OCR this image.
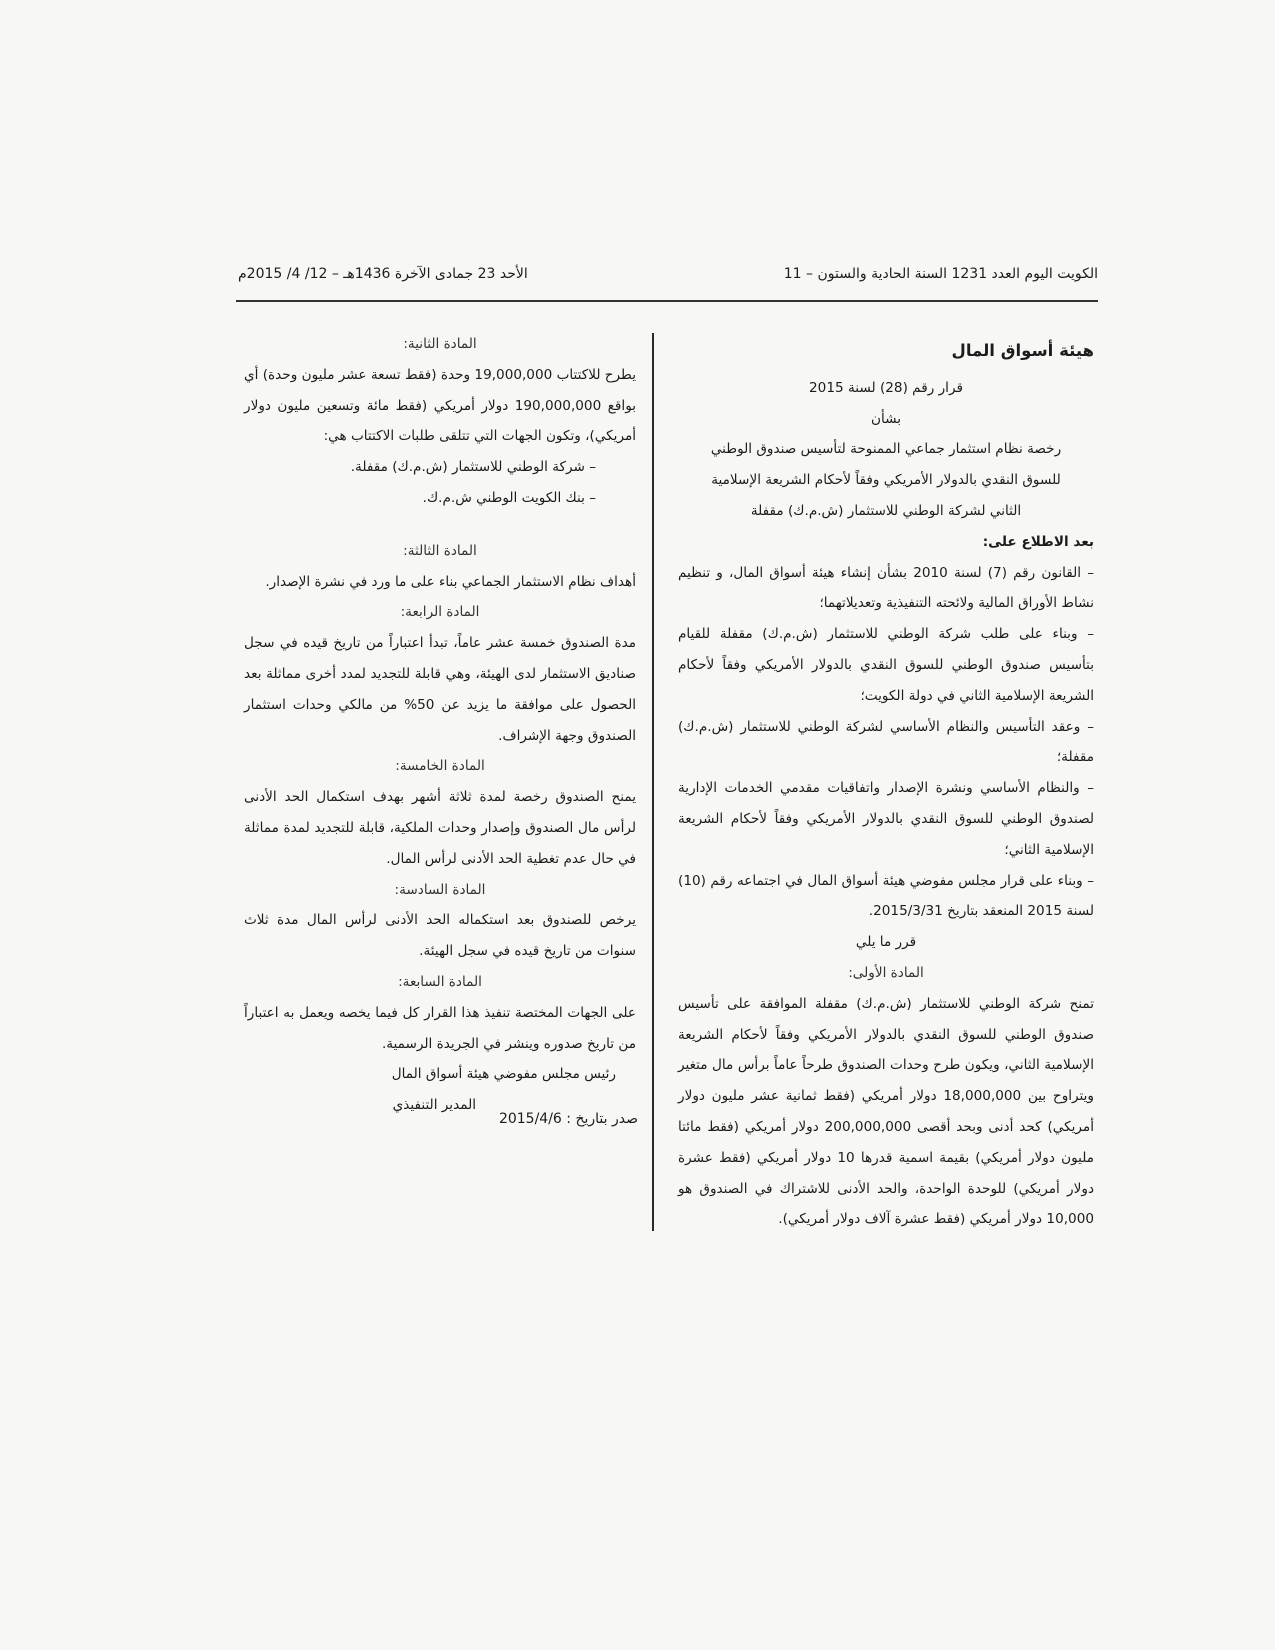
الكويت اليوم العدد 1231 السنة الحادية والستون – 11
الأحد 23 جمادى الآخرة 1436هـ – 12/ 4/ 2015م

هيئة أسواق المال

قرار رقم (28) لسنة 2015

بشأن

رخصة نظام استثمار جماعي الممنوحة لتأسيس صندوق الوطني

للسوق النقدي بالدولار الأمريكي وفقاً لأحكام الشريعة الإسلامية

الثاني لشركة الوطني للاستثمار (ش.م.ك) مقفلة

بعد الاطلاع على:

– القانون رقم (7) لسنة 2010 بشأن إنشاء هيئة أسواق المال، و تنظيم نشاط الأوراق المالية ولائحته التنفيذية وتعديلاتهما؛

– وبناء على طلب شركة الوطني للاستثمار (ش.م.ك) مقفلة للقيام بتأسيس صندوق الوطني للسوق النقدي بالدولار الأمريكي وفقاً لأحكام الشريعة الإسلامية الثاني في دولة الكويت؛

– وعقد التأسيس والنظام الأساسي لشركة الوطني للاستثمار (ش.م.ك) مقفلة؛

– والنظام الأساسي ونشرة الإصدار واتفاقيات مقدمي الخدمات الإدارية لصندوق الوطني للسوق النقدي بالدولار الأمريكي وفقاً لأحكام الشريعة الإسلامية الثاني؛

– وبناء على قرار مجلس مفوضي هيئة أسواق المال في اجتماعه رقم (10) لسنة 2015 المنعقد بتاريخ 2015/3/31.

قرر ما يلي

المادة الأولى:

تمنح شركة الوطني للاستثمار (ش.م.ك) مقفلة الموافقة على تأسيس صندوق الوطني للسوق النقدي بالدولار الأمريكي وفقاً لأحكام الشريعة الإسلامية الثاني، ويكون طرح وحدات الصندوق طرحاً عاماً برأس مال متغير ويتراوح بين 18,000,000 دولار أمريكي (فقط ثمانية عشر مليون دولار أمريكي) كحد أدنى وبحد أقصى 200,000,000 دولار أمريكي (فقط مائتا مليون دولار أمريكي) بقيمة اسمية قدرها 10 دولار أمريكي (فقط عشرة دولار أمريكي) للوحدة الواحدة، والحد الأدنى للاشتراك في الصندوق هو 10,000 دولار أمريكي (فقط عشرة آلاف دولار أمريكي).

المادة الثانية:

يطرح للاكتتاب 19,000,000 وحدة (فقط تسعة عشر مليون وحدة) أي بواقع 190,000,000 دولار أمريكي (فقط مائة وتسعين مليون دولار أمريكي)، وتكون الجهات التي تتلقى طلبات الاكتتاب هي:

– شركة الوطني للاستثمار (ش.م.ك) مقفلة.

– بنك الكويت الوطني ش.م.ك.

المادة الثالثة:

أهداف نظام الاستثمار الجماعي بناء على ما ورد في نشرة الإصدار.

المادة الرابعة:

مدة الصندوق خمسة عشر عاماً، تبدأ اعتباراً من تاريخ قيده في سجل صناديق الاستثمار لدى الهيئة، وهي قابلة للتجديد لمدد أخرى مماثلة بعد الحصول على موافقة ما يزيد عن 50% من مالكي وحدات استثمار الصندوق وجهة الإشراف.

المادة الخامسة:

يمنح الصندوق رخصة لمدة ثلاثة أشهر بهدف استكمال الحد الأدنى لرأس مال الصندوق وإصدار وحدات الملكية، قابلة للتجديد لمدة مماثلة في حال عدم تغطية الحد الأدنى لرأس المال.

المادة السادسة:

يرخص للصندوق بعد استكماله الحد الأدنى لرأس المال مدة ثلاث سنوات من تاريخ قيده في سجل الهيئة.

المادة السابعة:

على الجهات المختصة تنفيذ هذا القرار كل فيما يخصه ويعمل به اعتباراً من تاريخ صدوره وينشر في الجريدة الرسمية.

رئيس مجلس مفوضي هيئة أسواق المال

المدير التنفيذي

صدر بتاريخ : 2015/4/6
